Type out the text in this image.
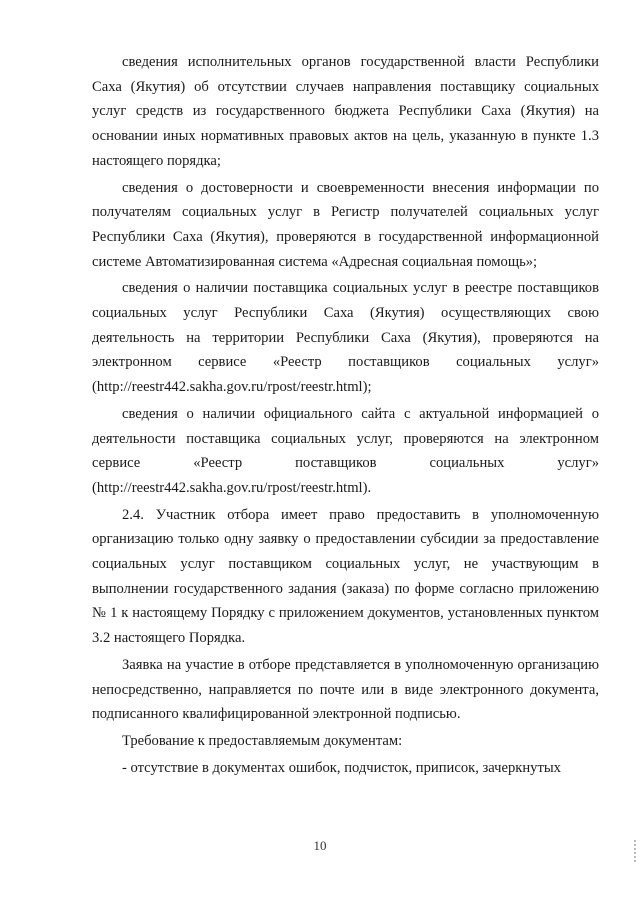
сведения исполнительных органов государственной власти Республики Саха (Якутия) об отсутствии случаев направления поставщику социальных услуг средств из государственного бюджета Республики Саха (Якутия) на основании иных нормативных правовых актов на цель, указанную в пункте 1.3 настоящего порядка;

сведения о достоверности и своевременности внесения информации по получателям социальных услуг в Регистр получателей социальных услуг Республики Саха (Якутия), проверяются в государственной информационной системе Автоматизированная система «Адресная социальная помощь»;

сведения о наличии поставщика социальных услуг в реестре поставщиков социальных услуг Республики Саха (Якутия) осуществляющих свою деятельность на территории Республики Саха (Якутия), проверяются на электронном сервисе «Реестр поставщиков социальных услуг» (http://reestr442.sakha.gov.ru/rpost/reestr.html);

сведения о наличии официального сайта с актуальной информацией о деятельности поставщика социальных услуг, проверяются на электронном сервисе «Реестр поставщиков социальных услуг» (http://reestr442.sakha.gov.ru/rpost/reestr.html).

2.4. Участник отбора имеет право предоставить в уполномоченную организацию только одну заявку о предоставлении субсидии за предоставление социальных услуг поставщиком социальных услуг, не участвующим в выполнении государственного задания (заказа) по форме согласно приложению № 1 к настоящему Порядку с приложением документов, установленных пунктом 3.2 настоящего Порядка.

Заявка на участие в отборе представляется в уполномоченную организацию непосредственно, направляется по почте или в виде электронного документа, подписанного квалифицированной электронной подписью.

Требование к предоставляемым документам:

- отсутствие в документах ошибок, подчисток, приписок, зачеркнутых

10
